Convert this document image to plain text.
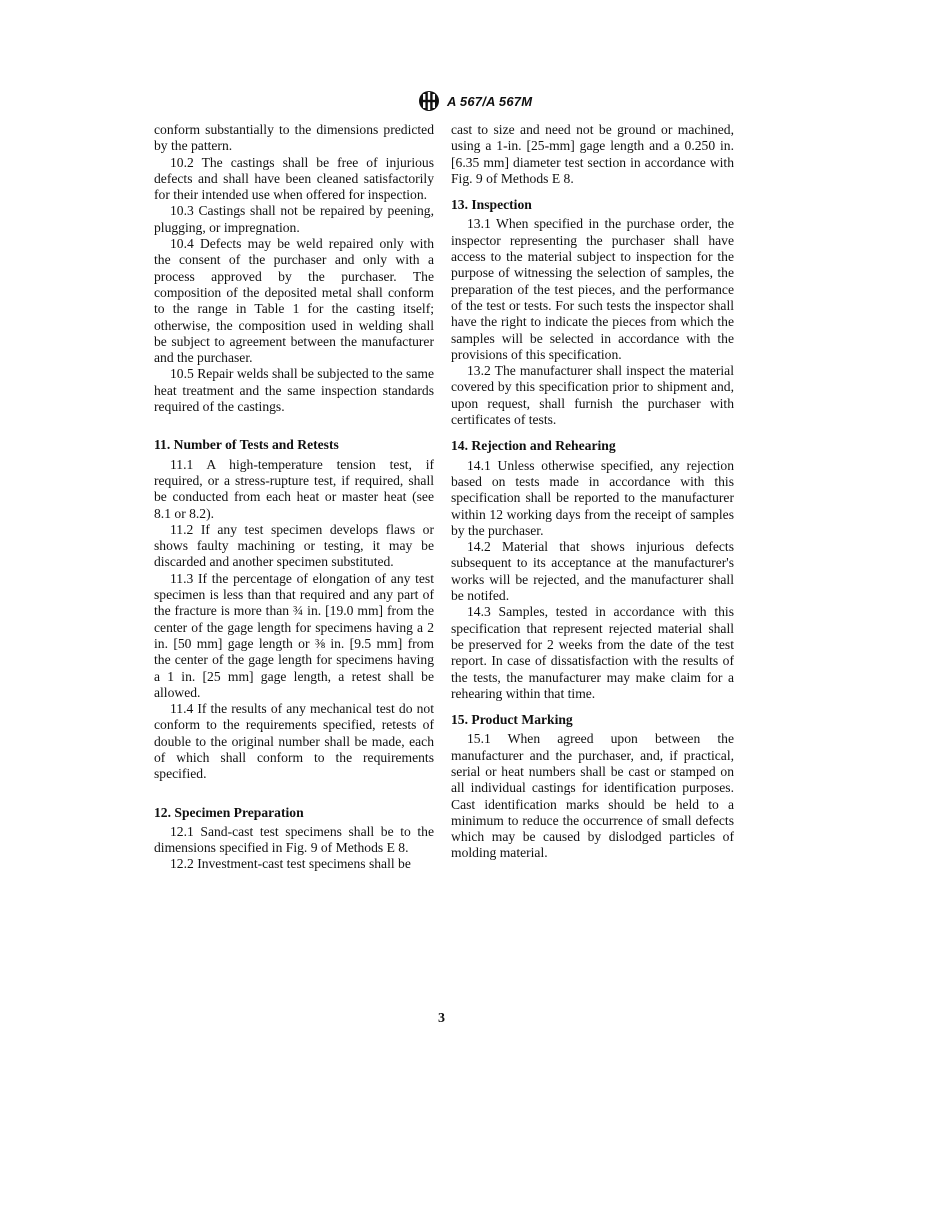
A 567/A 567M

conform substantially to the dimensions predicted by the pattern.

10.2 The castings shall be free of injurious defects and shall have been cleaned satisfactorily for their intended use when offered for inspection.

10.3 Castings shall not be repaired by peening, plugging, or impregnation.

10.4 Defects may be weld repaired only with the consent of the purchaser and only with a process approved by the purchaser. The composition of the deposited metal shall conform to the range in Table 1 for the casting itself; otherwise, the composition used in welding shall be subject to agreement between the manufacturer and the purchaser.

10.5 Repair welds shall be subjected to the same heat treatment and the same inspection standards required of the castings.

11. Number of Tests and Retests

11.1 A high-temperature tension test, if required, or a stress-rupture test, if required, shall be conducted from each heat or master heat (see 8.1 or 8.2).

11.2 If any test specimen develops flaws or shows faulty machining or testing, it may be discarded and another specimen substituted.

11.3 If the percentage of elongation of any test specimen is less than that required and any part of the fracture is more than ¾ in. [19.0 mm] from the center of the gage length for specimens having a 2 in. [50 mm] gage length or ⅜ in. [9.5 mm] from the center of the gage length for specimens having a 1 in. [25 mm] gage length, a retest shall be allowed.

11.4 If the results of any mechanical test do not conform to the requirements specified, retests of double to the original number shall be made, each of which shall conform to the requirements specified.

12. Specimen Preparation

12.1 Sand-cast test specimens shall be to the dimensions specified in Fig. 9 of Methods E 8.

12.2 Investment-cast test specimens shall be

cast to size and need not be ground or machined, using a 1-in. [25-mm] gage length and a 0.250 in. [6.35 mm] diameter test section in accordance with Fig. 9 of Methods E 8.

13. Inspection

13.1 When specified in the purchase order, the inspector representing the purchaser shall have access to the material subject to inspection for the purpose of witnessing the selection of samples, the preparation of the test pieces, and the performance of the test or tests. For such tests the inspector shall have the right to indicate the pieces from which the samples will be selected in accordance with the provisions of this specification.

13.2 The manufacturer shall inspect the material covered by this specification prior to shipment and, upon request, shall furnish the purchaser with certificates of tests.

14. Rejection and Rehearing

14.1 Unless otherwise specified, any rejection based on tests made in accordance with this specification shall be reported to the manufacturer within 12 working days from the receipt of samples by the purchaser.

14.2 Material that shows injurious defects subsequent to its acceptance at the manufacturer's works will be rejected, and the manufacturer shall be notifed.

14.3 Samples, tested in accordance with this specification that represent rejected material shall be preserved for 2 weeks from the date of the test report. In case of dissatisfaction with the results of the tests, the manufacturer may make claim for a rehearing within that time.

15. Product Marking

15.1 When agreed upon between the manufacturer and the purchaser, and, if practical, serial or heat numbers shall be cast or stamped on all individual castings for identification purposes. Cast identification marks should be held to a minimum to reduce the occurrence of small defects which may be caused by dislodged particles of molding material.

3
